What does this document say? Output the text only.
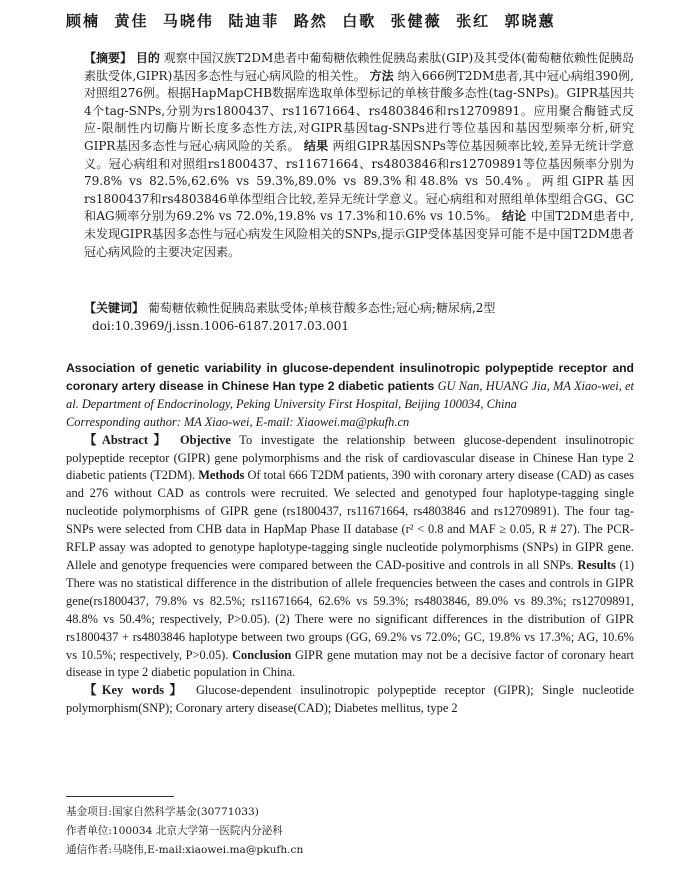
顾楠  黄佳  马晓伟  陆迪菲  路然  白歌  张健薇  张红  郭晓蕙
【摘要】 目的 观察中国汉族T2DM患者中葡萄糖依赖性促胰岛素肽(GIP)及其受体(葡萄糖依赖性促胰岛素肽受体,GIPR)基因多态性与冠心病风险的相关性。 方法 纳入666例T2DM患者,其中冠心病组390例,对照组276例。根据HapMapCHB数据库选取单体型标记的单核苷酸多态性(tag-SNPs)。GIPR基因共4个tag-SNPs,分别为rs1800437、rs11671664、rs4803846和rs12709891。应用聚合酶链式反应-限制性内切酶片断长度多态性方法,对GIPR基因tag-SNPs进行等位基因和基因型频率分析,研究GIPR基因多态性与冠心病风险的关系。 结果 两组GIPR基因SNPs等位基因频率比较,差异无统计学意义。冠心病组和对照组rs1800437、rs11671664、rs4803846和rs12709891等位基因频率分别为79.8% vs 82.5%,62.6% vs 59.3%,89.0% vs 89.3%和48.8% vs 50.4%。两组GIPR基因rs1800437和rs4803846单体型组合比较,差异无统计学意义。冠心病组和对照组单体型组合GG、GC和AG频率分别为69.2% vs 72.0%,19.8% vs 17.3%和10.6% vs 10.5%。 结论 中国T2DM患者中,未发现GIPR基因多态性与冠心病发生风险相关的SNPs,提示GIP受体基因变异可能不是中国T2DM患者冠心病风险的主要决定因素。
【关键词】 葡萄糖依赖性促胰岛素肽受体;单核苷酸多态性;冠心病;糖尿病,2型
doi:10.3969/j.issn.1006-6187.2017.03.001
Association of genetic variability in glucose-dependent insulinotropic polypeptide receptor and coronary artery disease in Chinese Han type 2 diabetic patients GU Nan, HUANG Jia, MA Xiao-wei, et al. Department of Endocrinology, Peking University First Hospital, Beijing 100034, China
Corresponding author: MA Xiao-wei, E-mail: Xiaowei.ma@pkufh.cn
【Abstract】 Objective To investigate the relationship between glucose-dependent insulinotropic polypeptide receptor (GIPR) gene polymorphisms and the risk of cardiovascular disease in Chinese Han type 2 diabetic patients (T2DM). Methods Of total 666 T2DM patients, 390 with coronary artery disease (CAD) as cases and 276 without CAD as controls were recruited. We selected and genotyped four haplotype-tagging single nucleotide polymorphisms of GIPR gene (rs1800437, rs11671664, rs4803846 and rs12709891). The four tag-SNPs were selected from CHB data in HapMap Phase II database (r² < 0.8 and MAF ≥ 0.05, R # 27). The PCR-RFLP assay was adopted to genotype haplotype-tagging single nucleotide polymorphisms (SNPs) in GIPR gene. Allele and genotype frequencies were compared between the CAD-positive and controls in all SNPs. Results (1) There was no statistical difference in the distribution of allele frequencies between the cases and controls in GIPR gene(rs1800437, 79.8% vs 82.5%; rs11671664, 62.6% vs 59.3%; rs4803846, 89.0% vs 89.3%; rs12709891, 48.8% vs 50.4%; respectively, P>0.05). (2) There were no significant differences in the distribution of GIPR rs1800437 + rs4803846 haplotype between two groups (GG, 69.2% vs 72.0%; GC, 19.8% vs 17.3%; AG, 10.6% vs 10.5%; respectively, P>0.05). Conclusion GIPR gene mutation may not be a decisive factor of coronary heart disease in type 2 diabetic population in China.
【Key words】 Glucose-dependent insulinotropic polypeptide receptor (GIPR); Single nucleotide polymorphism(SNP); Coronary artery disease(CAD); Diabetes mellitus, type 2
基金项目:国家自然科学基金(30771033)
作者单位:100034 北京大学第一医院内分泌科
通信作者:马晓伟,E-mail:xiaowei.ma@pkufh.cn
